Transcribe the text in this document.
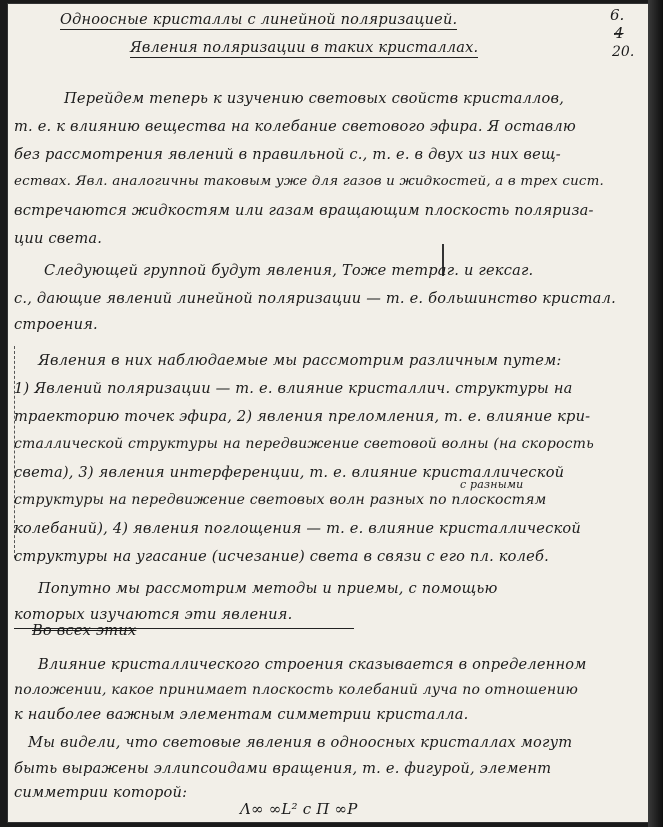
Одноосные кристаллы с линейной поляризацией.
Явления поляризации в таких кристаллах.
6.
4
20.
Перейдем теперь к изучению световых свойств кристаллов,
т. е. к влиянию вещества на колебание светового эфира. Я оставлю
без рассмотрения явлений в правильной с., т. е. в двух из них вещ-
ествах. Явл. аналогичны таковым уже для газов и жидкостей, а в трех сист.
встречаются жидкостям или газам вращающим плоскость поляриза-
ции света.
Следующей группой будут явления, Тоже тетраг. и гексаг.
с., дающие явлений линейной поляризации — т. е. большинство кристал.
строения.
Явления в них наблюдаемые мы рассмотрим различным путем:
1) Явлений поляризации — т. е. влияние кристаллич. структуры на
траекторию точек эфира, 2) явления преломления, т. е. влияние кри-
сталлической структуры на передвижение световой волны (на скорость
света), 3) явления интерференции, т. е. влияние кристаллической
с разными
структуры на передвижение световых волн разных по плоскостям
колебаний), 4) явления поглощения — т. е. влияние кристаллической
структуры на угасание (исчезание) света в связи с его пл. колеб.
Попутно мы рассмотрим методы и приемы, с помощью
которых изучаются эти явления.
Во всех этих
Влияние кристаллического строения сказывается в определенном
положении, какое принимает плоскость колебаний луча по отношению
к наиболее важным элементам симметрии кристалла.
Мы видели, что световые явления в одноосных кристаллах могут
быть выражены эллипсоидами вращения, т. е. фигурой, элемент
симметрии которой:
Λ∞ ∞L² c Π ∞P
